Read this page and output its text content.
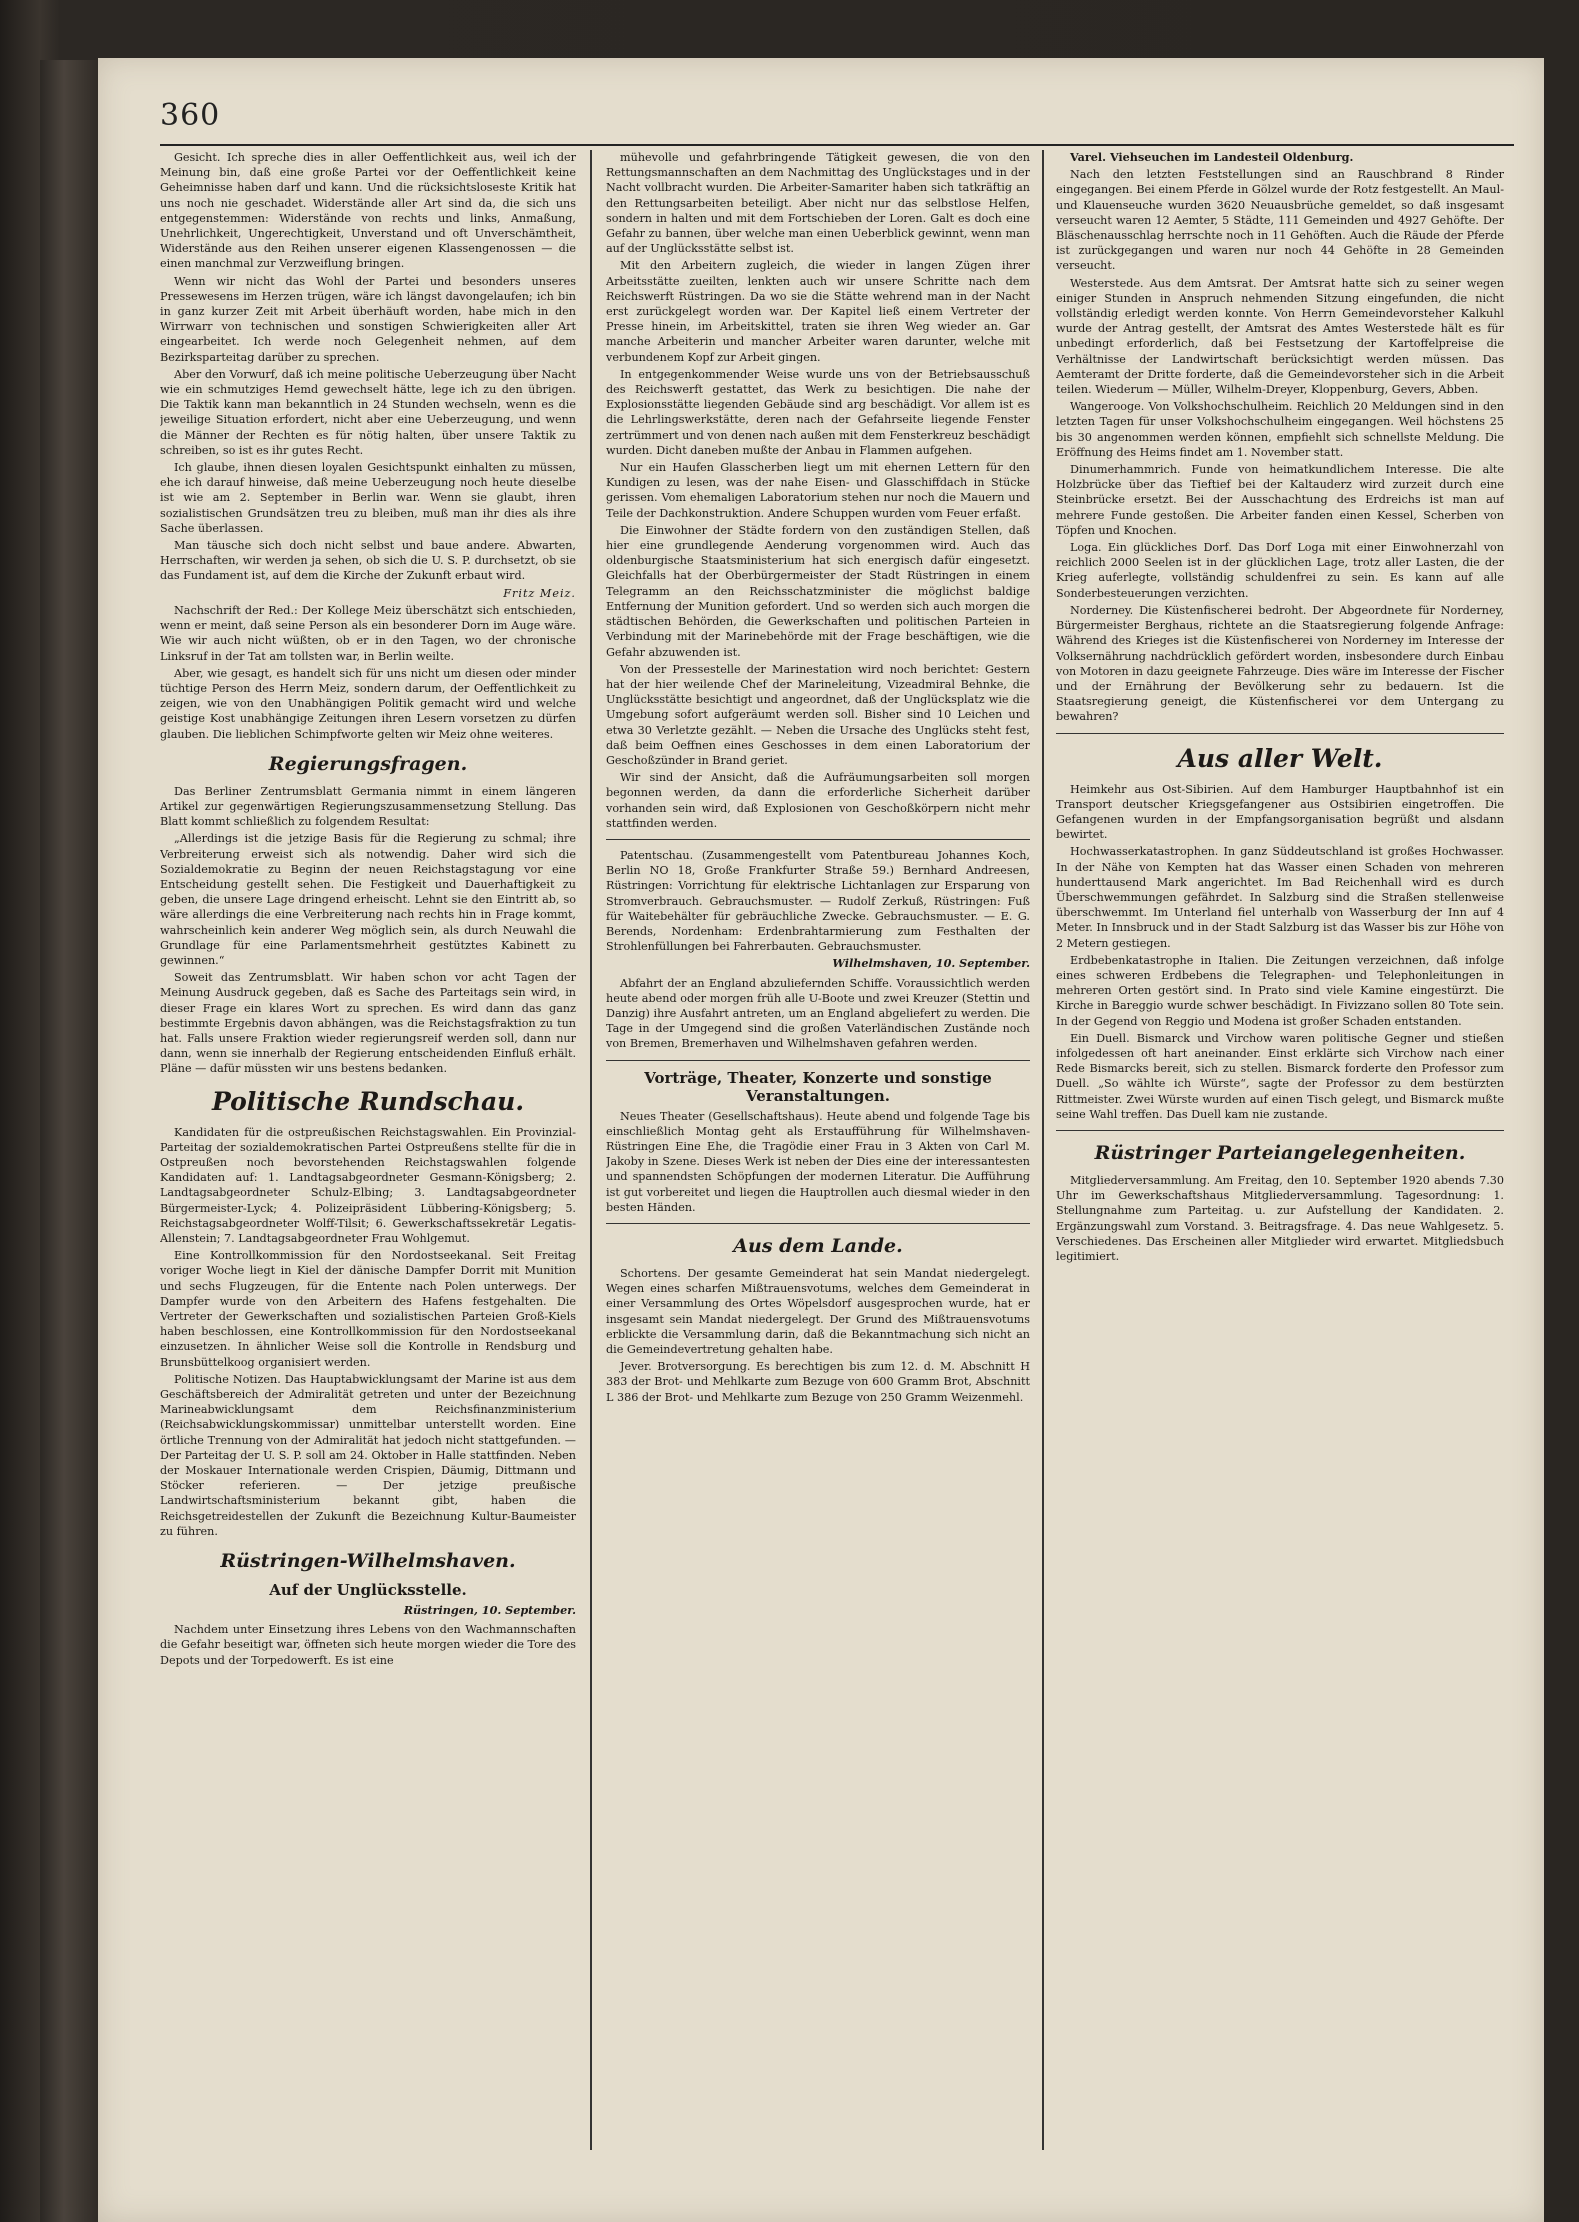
360

Gesicht. Ich spreche dies in aller Oeffentlichkeit aus, weil ich der Meinung bin, daß eine große Partei vor der Oeffentlichkeit keine Geheimnisse haben darf und kann. Und die rücksichtsloseste Kritik hat uns noch nie geschadet. Widerstände aller Art sind da, die sich uns entgegenstemmen: Widerstände von rechts und links, Anmaßung, Unehrlichkeit, Ungerechtigkeit, Unverstand und oft Unverschämtheit, Widerstände aus den Reihen unserer eigenen Klassengenossen — die einen manchmal zur Verzweiflung bringen.

Wenn wir nicht das Wohl der Partei und besonders unseres Pressewesens im Herzen trügen, wäre ich längst davongelaufen; ich bin in ganz kurzer Zeit mit Arbeit überhäuft worden, habe mich in den Wirrwarr von technischen und sonstigen Schwierigkeiten aller Art eingearbeitet. Ich werde noch Gelegenheit nehmen, auf dem Bezirksparteitag darüber zu sprechen.

Aber den Vorwurf, daß ich meine politische Ueberzeugung über Nacht wie ein schmutziges Hemd gewechselt hätte, lege ich zu den übrigen. Die Taktik kann man bekanntlich in 24 Stunden wechseln, wenn es die jeweilige Situation erfordert, nicht aber eine Ueberzeugung, und wenn die Männer der Rechten es für nötig halten, über unsere Taktik zu schreiben, so ist es ihr gutes Recht.

Ich glaube, ihnen diesen loyalen Gesichtspunkt einhalten zu müssen, ehe ich darauf hinweise, daß meine Ueberzeugung noch heute dieselbe ist wie am 2. September in Berlin war. Wenn sie glaubt, ihren sozialistischen Grundsätzen treu zu bleiben, muß man ihr dies als ihre Sache überlassen.

Man täusche sich doch nicht selbst und baue andere. Abwarten, Herrschaften, wir werden ja sehen, ob sich die U. S. P. durchsetzt, ob sie das Fundament ist, auf dem die Kirche der Zukunft erbaut wird.

Fritz Meiz.

Nachschrift der Red.: Der Kollege Meiz überschätzt sich entschieden, wenn er meint, daß seine Person als ein besonderer Dorn im Auge wäre. Wie wir auch nicht wüßten, ob er in den Tagen, wo der chronische Linksruf in der Tat am tollsten war, in Berlin weilte.

Aber, wie gesagt, es handelt sich für uns nicht um diesen oder minder tüchtige Person des Herrn Meiz, sondern darum, der Oeffentlichkeit zu zeigen, wie von den Unabhängigen Politik gemacht wird und welche geistige Kost unabhängige Zeitungen ihren Lesern vorsetzen zu dürfen glauben. Die lieblichen Schimpfworte gelten wir Meiz ohne weiteres.

Regierungsfragen.

Das Berliner Zentrumsblatt Germania nimmt in einem längeren Artikel zur gegenwärtigen Regierungszusammensetzung Stellung. Das Blatt kommt schließlich zu folgendem Resultat:

„Allerdings ist die jetzige Basis für die Regierung zu schmal; ihre Verbreiterung erweist sich als notwendig. Daher wird sich die Sozialdemokratie zu Beginn der neuen Reichstagstagung vor eine Entscheidung gestellt sehen. Die Festigkeit und Dauerhaftigkeit zu geben, die unsere Lage dringend erheischt. Lehnt sie den Eintritt ab, so wäre allerdings die eine Verbreiterung nach rechts hin in Frage kommt, wahrscheinlich kein anderer Weg möglich sein, als durch Neuwahl die Grundlage für eine Parlamentsmehrheit gestütztes Kabinett zu gewinnen.“

Soweit das Zentrumsblatt. Wir haben schon vor acht Tagen der Meinung Ausdruck gegeben, daß es Sache des Parteitags sein wird, in dieser Frage ein klares Wort zu sprechen. Es wird dann das ganz bestimmte Ergebnis davon abhängen, was die Reichstagsfraktion zu tun hat. Falls unsere Fraktion wieder regierungsreif werden soll, dann nur dann, wenn sie innerhalb der Regierung entscheidenden Einfluß erhält. Pläne — dafür müssten wir uns bestens bedanken.

Politische Rundschau.

Kandidaten für die ostpreußischen Reichstagswahlen. Ein Provinzial-Parteitag der sozialdemokratischen Partei Ostpreußens stellte für die in Ostpreußen noch bevorstehenden Reichstagswahlen folgende Kandidaten auf: 1. Landtagsabgeordneter Gesmann-Königsberg; 2. Landtagsabgeordneter Schulz-Elbing; 3. Landtagsabgeordneter Bürgermeister-Lyck; 4. Polizeipräsident Lübbering-Königsberg; 5. Reichstagsabgeordneter Wolff-Tilsit; 6. Gewerkschaftssekretär Legatis-Allenstein; 7. Landtagsabgeordneter Frau Wohlgemut.

Eine Kontrollkommission für den Nordostseekanal. Seit Freitag voriger Woche liegt in Kiel der dänische Dampfer Dorrit mit Munition und sechs Flugzeugen, für die Entente nach Polen unterwegs. Der Dampfer wurde von den Arbeitern des Hafens festgehalten. Die Vertreter der Gewerkschaften und sozialistischen Parteien Groß-Kiels haben beschlossen, eine Kontrollkommission für den Nordostseekanal einzusetzen. In ähnlicher Weise soll die Kontrolle in Rendsburg und Brunsbüttelkoog organisiert werden.

Politische Notizen. Das Hauptabwicklungsamt der Marine ist aus dem Geschäftsbereich der Admiralität getreten und unter der Bezeichnung Marineabwicklungsamt dem Reichsfinanzministerium (Reichsabwicklungskommissar) unmittelbar unterstellt worden. Eine örtliche Trennung von der Admiralität hat jedoch nicht stattgefunden. — Der Parteitag der U. S. P. soll am 24. Oktober in Halle stattfinden. Neben der Moskauer Internationale werden Crispien, Däumig, Dittmann und Stöcker referieren. — Der jetzige preußische Landwirtschaftsministerium bekannt gibt, haben die Reichsgetreidestellen der Zukunft die Bezeichnung Kultur-Baumeister zu führen.

Rüstringen-Wilhelmshaven.
Auf der Unglücksstelle.

Rüstringen, 10. September.

Nachdem unter Einsetzung ihres Lebens von den Wachmannschaften die Gefahr beseitigt war, öffneten sich heute morgen wieder die Tore des Depots und der Torpedowerft. Es ist eine

mühevolle und gefahrbringende Tätigkeit gewesen, die von den Rettungsmannschaften an dem Nachmittag des Unglückstages und in der Nacht vollbracht wurden. Die Arbeiter-Samariter haben sich tatkräftig an den Rettungsarbeiten beteiligt. Aber nicht nur das selbstlose Helfen, sondern in halten und mit dem Fortschieben der Loren. Galt es doch eine Gefahr zu bannen, über welche man einen Ueberblick gewinnt, wenn man auf der Unglücksstätte selbst ist.

Mit den Arbeitern zugleich, die wieder in langen Zügen ihrer Arbeitsstätte zueilten, lenkten auch wir unsere Schritte nach dem Reichswerft Rüstringen. Da wo sie die Stätte wehrend man in der Nacht erst zurückgelegt worden war. Der Kapitel ließ einem Vertreter der Presse hinein, im Arbeitskittel, traten sie ihren Weg wieder an. Gar manche Arbeiterin und mancher Arbeiter waren darunter, welche mit verbundenem Kopf zur Arbeit gingen.

In entgegenkommender Weise wurde uns von der Betriebsausschuß des Reichswerft gestattet, das Werk zu besichtigen. Die nahe der Explosionsstätte liegenden Gebäude sind arg beschädigt. Vor allem ist es die Lehrlingswerkstätte, deren nach der Gefahrseite liegende Fenster zertrümmert und von denen nach außen mit dem Fensterkreuz beschädigt wurden. Dicht daneben mußte der Anbau in Flammen aufgehen.

Nur ein Haufen Glasscherben liegt um mit ehernen Lettern für den Kundigen zu lesen, was der nahe Eisen- und Glasschiffdach in Stücke gerissen. Vom ehemaligen Laboratorium stehen nur noch die Mauern und Teile der Dachkonstruktion. Andere Schuppen wurden vom Feuer erfaßt.

Die Einwohner der Städte fordern von den zuständigen Stellen, daß hier eine grundlegende Aenderung vorgenommen wird. Auch das oldenburgische Staatsministerium hat sich energisch dafür eingesetzt. Gleichfalls hat der Oberbürgermeister der Stadt Rüstringen in einem Telegramm an den Reichsschatzminister die möglichst baldige Entfernung der Munition gefordert. Und so werden sich auch morgen die städtischen Behörden, die Gewerkschaften und politischen Parteien in Verbindung mit der Marinebehörde mit der Frage beschäftigen, wie die Gefahr abzuwenden ist.

Von der Pressestelle der Marinestation wird noch berichtet: Gestern hat der hier weilende Chef der Marineleitung, Vizeadmiral Behnke, die Unglücksstätte besichtigt und angeordnet, daß der Unglücksplatz wie die Umgebung sofort aufgeräumt werden soll. Bisher sind 10 Leichen und etwa 30 Verletzte gezählt. — Neben die Ursache des Unglücks steht fest, daß beim Oeffnen eines Geschosses in dem einen Laboratorium der Geschoßzünder in Brand geriet.

Wir sind der Ansicht, daß die Aufräumungsarbeiten soll morgen begonnen werden, da dann die erforderliche Sicherheit darüber vorhanden sein wird, daß Explosionen von Geschoßkörpern nicht mehr stattfinden werden.

Patentschau. (Zusammengestellt vom Patentbureau Johannes Koch, Berlin NO 18, Große Frankfurter Straße 59.) Bernhard Andreesen, Rüstringen: Vorrichtung für elektrische Lichtanlagen zur Ersparung von Stromverbrauch. Gebrauchsmuster. — Rudolf Zerkuß, Rüstringen: Fuß für Waitebehälter für gebräuchliche Zwecke. Gebrauchsmuster. — E. G. Berends, Nordenham: Erdenbrahtarmierung zum Festhalten der Strohlenfüllungen bei Fahrerbauten. Gebrauchsmuster.

Wilhelmshaven, 10. September.

Abfahrt der an England abzuliefernden Schiffe. Voraussichtlich werden heute abend oder morgen früh alle U-Boote und zwei Kreuzer (Stettin und Danzig) ihre Ausfahrt antreten, um an England abgeliefert zu werden. Die Tage in der Umgegend sind die großen Vaterländischen Zustände noch von Bremen, Bremerhaven und Wilhelmshaven gefahren werden.

Vorträge, Theater, Konzerte und sonstige Veranstaltungen.

Neues Theater (Gesellschaftshaus). Heute abend und folgende Tage bis einschließlich Montag geht als Erstaufführung für Wilhelmshaven-Rüstringen Eine Ehe, die Tragödie einer Frau in 3 Akten von Carl M. Jakoby in Szene. Dieses Werk ist neben der Dies eine der interessantesten und spannendsten Schöpfungen der modernen Literatur. Die Aufführung ist gut vorbereitet und liegen die Hauptrollen auch diesmal wieder in den besten Händen.

Aus dem Lande.

Schortens. Der gesamte Gemeinderat hat sein Mandat niedergelegt. Wegen eines scharfen Mißtrauensvotums, welches dem Gemeinderat in einer Versammlung des Ortes Wöpelsdorf ausgesprochen wurde, hat er insgesamt sein Mandat niedergelegt. Der Grund des Mißtrauensvotums erblickte die Versammlung darin, daß die Bekanntmachung sich nicht an die Gemeindevertretung gehalten habe.

Jever. Brotversorgung. Es berechtigen bis zum 12. d. M. Abschnitt H 383 der Brot- und Mehlkarte zum Bezuge von 600 Gramm Brot, Abschnitt L 386 der Brot- und Mehlkarte zum Bezuge von 250 Gramm Weizenmehl.

Varel. Viehseuchen im Landesteil Oldenburg.

Nach den letzten Feststellungen sind an Rauschbrand 8 Rinder eingegangen. Bei einem Pferde in Gölzel wurde der Rotz festgestellt. An Maul- und Klauenseuche wurden 3620 Neuausbrüche gemeldet, so daß insgesamt verseucht waren 12 Aemter, 5 Städte, 111 Gemeinden und 4927 Gehöfte. Der Bläschenausschlag herrschte noch in 11 Gehöften. Auch die Räude der Pferde ist zurückgegangen und waren nur noch 44 Gehöfte in 28 Gemeinden verseucht.

Westerstede. Aus dem Amtsrat. Der Amtsrat hatte sich zu seiner wegen einiger Stunden in Anspruch nehmenden Sitzung eingefunden, die nicht vollständig erledigt werden konnte. Von Herrn Gemeindevorsteher Kalkuhl wurde der Antrag gestellt, der Amtsrat des Amtes Westerstede hält es für unbedingt erforderlich, daß bei Festsetzung der Kartoffelpreise die Verhältnisse der Landwirtschaft berücksichtigt werden müssen. Das Aemteramt der Dritte forderte, daß die Gemeindevorsteher sich in die Arbeit teilen. Wiederum — Müller, Wilhelm-Dreyer, Kloppenburg, Gevers, Abben.

Wangerooge. Von Volkshochschulheim. Reichlich 20 Meldungen sind in den letzten Tagen für unser Volkshochschulheim eingegangen. Weil höchstens 25 bis 30 angenommen werden können, empfiehlt sich schnellste Meldung. Die Eröffnung des Heims findet am 1. November statt.

Dinumerhammrich. Funde von heimatkundlichem Interesse. Die alte Holzbrücke über das Tieftief bei der Kaltauderz wird zurzeit durch eine Steinbrücke ersetzt. Bei der Ausschachtung des Erdreichs ist man auf mehrere Funde gestoßen. Die Arbeiter fanden einen Kessel, Scherben von Töpfen und Knochen.

Loga. Ein glückliches Dorf. Das Dorf Loga mit einer Einwohnerzahl von reichlich 2000 Seelen ist in der glücklichen Lage, trotz aller Lasten, die der Krieg auferlegte, vollständig schuldenfrei zu sein. Es kann auf alle Sonderbesteuerungen verzichten.

Norderney. Die Küstenfischerei bedroht. Der Abgeordnete für Norderney, Bürgermeister Berghaus, richtete an die Staatsregierung folgende Anfrage: Während des Krieges ist die Küstenfischerei von Norderney im Interesse der Volksernährung nachdrücklich gefördert worden, insbesondere durch Einbau von Motoren in dazu geeignete Fahrzeuge. Dies wäre im Interesse der Fischer und der Ernährung der Bevölkerung sehr zu bedauern. Ist die Staatsregierung geneigt, die Küstenfischerei vor dem Untergang zu bewahren?

Aus aller Welt.

Heimkehr aus Ost-Sibirien. Auf dem Hamburger Hauptbahnhof ist ein Transport deutscher Kriegsgefangener aus Ostsibirien eingetroffen. Die Gefangenen wurden in der Empfangsorganisation begrüßt und alsdann bewirtet.

Hochwasserkatastrophen. In ganz Süddeutschland ist großes Hochwasser. In der Nähe von Kempten hat das Wasser einen Schaden von mehreren hunderttausend Mark angerichtet. Im Bad Reichenhall wird es durch Überschwemmungen gefährdet. In Salzburg sind die Straßen stellenweise überschwemmt. Im Unterland fiel unterhalb von Wasserburg der Inn auf 4 Meter. In Innsbruck und in der Stadt Salzburg ist das Wasser bis zur Höhe von 2 Metern gestiegen.

Erdbebenkatastrophe in Italien. Die Zeitungen verzeichnen, daß infolge eines schweren Erdbebens die Telegraphen- und Telephonleitungen in mehreren Orten gestört sind. In Prato sind viele Kamine eingestürzt. Die Kirche in Bareggio wurde schwer beschädigt. In Fivizzano sollen 80 Tote sein. In der Gegend von Reggio und Modena ist großer Schaden entstanden.

Ein Duell. Bismarck und Virchow waren politische Gegner und stießen infolgedessen oft hart aneinander. Einst erklärte sich Virchow nach einer Rede Bismarcks bereit, sich zu stellen. Bismarck forderte den Professor zum Duell. „So wählte ich Würste“, sagte der Professor zu dem bestürzten Rittmeister. Zwei Würste wurden auf einen Tisch gelegt, und Bismarck mußte seine Wahl treffen. Das Duell kam nie zustande.

Rüstringer Parteiangelegenheiten.

Mitgliederversammlung. Am Freitag, den 10. September 1920 abends 7.30 Uhr im Gewerkschaftshaus Mitgliederversammlung. Tagesordnung: 1. Stellungnahme zum Parteitag. u. zur Aufstellung der Kandidaten. 2. Ergänzungswahl zum Vorstand. 3. Beitragsfrage. 4. Das neue Wahlgesetz. 5. Verschiedenes. Das Erscheinen aller Mitglieder wird erwartet. Mitgliedsbuch legitimiert.
